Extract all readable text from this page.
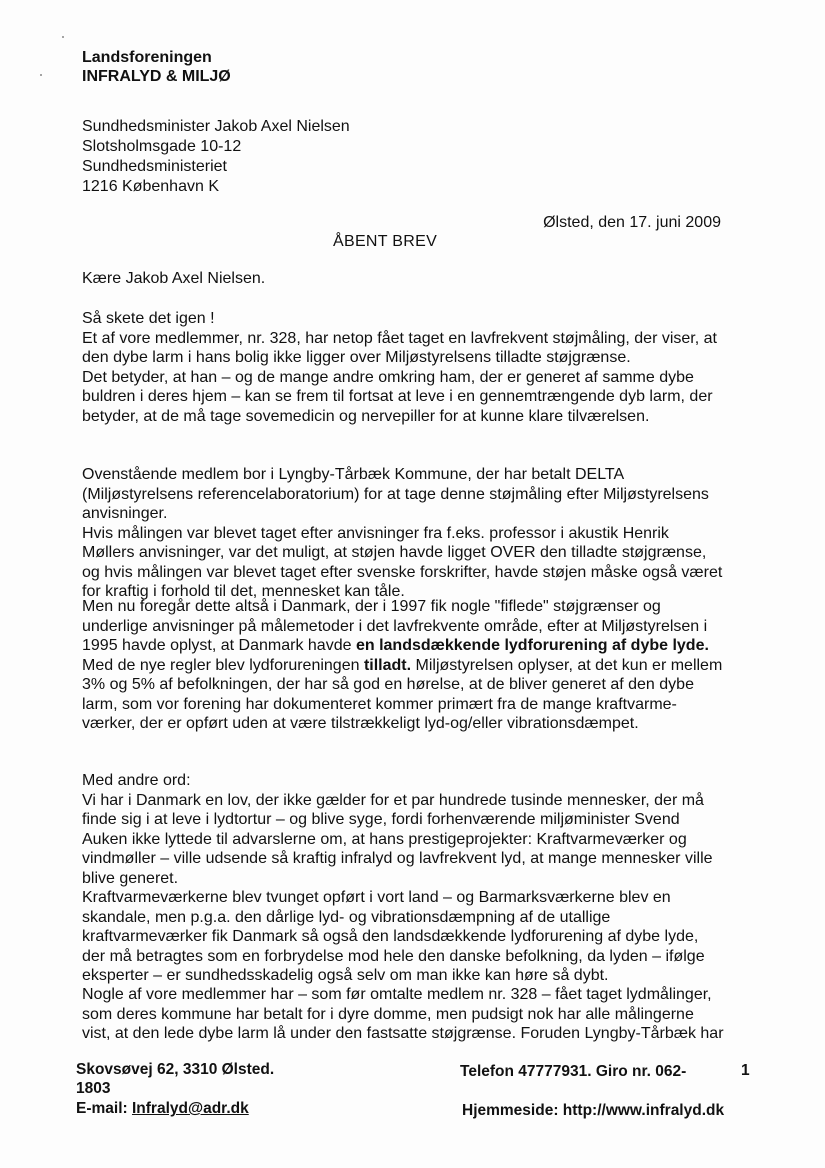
Landsforeningen
INFRALYD & MILJØ
Sundhedsminister Jakob Axel Nielsen
Slotsholmsgade 10-12
Sundhedsministeriet
1216 København K
Ølsted, den 17. juni 2009
ÅBENT BREV
Kære Jakob Axel Nielsen.
Så skete det igen !
Et af vore medlemmer, nr. 328, har netop fået taget en lavfrekvent støjmåling, der viser, at
den dybe larm i hans bolig ikke ligger over Miljøstyrelsens tilladte støjgrænse.
Det betyder, at han – og de mange andre omkring ham, der er generet af samme dybe
buldren i deres hjem – kan se frem til fortsat at leve i en gennemtrængende dyb larm, der
betyder, at de må tage sovemedicin og nervepiller for at kunne klare tilværelsen.
Ovenstående medlem bor i Lyngby-Tårbæk Kommune, der har betalt DELTA
(Miljøstyrelsens referencelaboratorium) for at tage denne støjmåling efter Miljøstyrelsens
anvisninger.
Hvis målingen var blevet taget efter anvisninger fra f.eks. professor i akustik Henrik
Møllers anvisninger, var det muligt, at støjen havde ligget OVER den tilladte støjgrænse,
og hvis målingen var blevet taget efter svenske forskrifter, havde støjen måske også været
for kraftig i forhold til det, mennesket kan tåle.
Men nu foregår dette altså i Danmark, der i 1997 fik nogle "fiflede" støjgrænser og
underlige anvisninger på målemetoder i det lavfrekvente område, efter at Miljøstyrelsen i
1995 havde oplyst, at Danmark havde en landsdækkende lydforurening af dybe lyde.
Med de nye regler blev lydforureningen tilladt. Miljøstyrelsen oplyser, at det kun er mellem
3% og 5% af befolkningen, der har så god en hørelse, at de bliver generet af den dybe
larm, som vor forening har dokumenteret kommer primært fra de mange kraftvarme-
værker, der er opført uden at være tilstrækkeligt lyd-og/eller vibrationsdæmpet.
Med andre ord:
Vi har i Danmark en lov, der ikke gælder for et par hundrede tusinde mennesker, der må
finde sig i at leve i lydtortur – og blive syge, fordi forhenværende miljøminister Svend
Auken ikke lyttede til advarslerne om, at hans prestigeprojekter: Kraftvarmeværker og
vindmøller – ville udsende så kraftig infralyd og lavfrekvent lyd, at mange mennesker ville
blive generet.
Kraftvarmeværkerne blev tvunget opført i vort land – og Barmarksværkerne blev en
skandale, men p.g.a. den dårlige lyd- og vibrationsdæmpning af de utallige
kraftvarmeværker fik Danmark så også den landsdækkende lydforurening af dybe lyde,
der må betragtes som en forbrydelse mod hele den danske befolkning, da lyden – ifølge
eksperter – er sundhedsskadelig også selv om man ikke kan høre så dybt.
Nogle af vore medlemmer har – som før omtalte medlem nr. 328 – fået taget lydmålinger,
som deres kommune har betalt for i dyre domme, men pudsigt nok har alle målingerne
vist, at den lede dybe larm lå under den fastsatte støjgrænse. Foruden Lyngby-Tårbæk har
Skovsøvej 62, 3310 Ølsted.
1803
Telefon 47777931. Giro nr. 062-	1
E-mail: Infralyd@adr.dk	Hjemmeside: http://www.infralyd.dk
